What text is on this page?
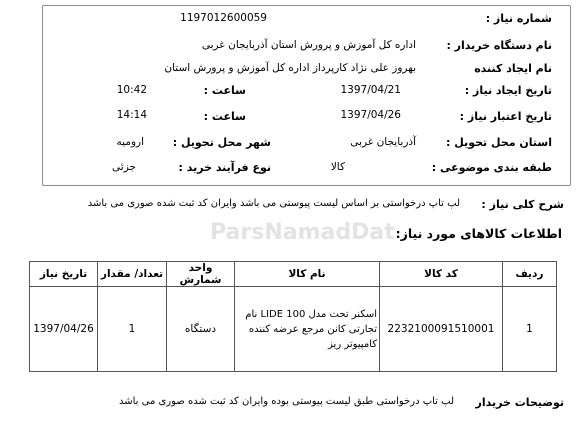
ParsNamadDat
شماره نیاز :
1197012600059
نام دستگاه خریدار :
اداره کل آموزش و پرورش استان آذربایجان غربی
نام ایجاد کننده
بهروز علی نژاد کارپرداز اداره کل آموزش و پرورش استان
تاریخ ایجاد نیاز :
1397/04/21
ساعت :
10:42
تاریخ اعتبار نیاز :
1397/04/26
ساعت :
14:14
استان محل تحویل :
آذربایجان غربی
شهر محل تحویل :
ارومیه
طبقه بندی موضوعی :
کالا
نوع فرآیند خرید :
جزئی
شرح کلی نیاز :
لپ تاپ درخواستی بر اساس لیست پیوستی می باشد وایران کد ثبت شده صوری می باشد
اطلاعات کالاهای مورد نیاز:
ردیف	کد کالا	نام کالا	واحد شمارش	تعداد/ مقدار	تاریخ نیاز
1	2232100091510001	اسکنر تحت مدل LIDE 100 نام تجارتی کانن مرجع عرضه کننده کامپیوتر ریز	دستگاه	1	1397/04/26
توضیحات خریدار
لپ تاپ درخواستی طبق لیست پیوستی بوده وایران کد ثبت شده صوری می باشد
